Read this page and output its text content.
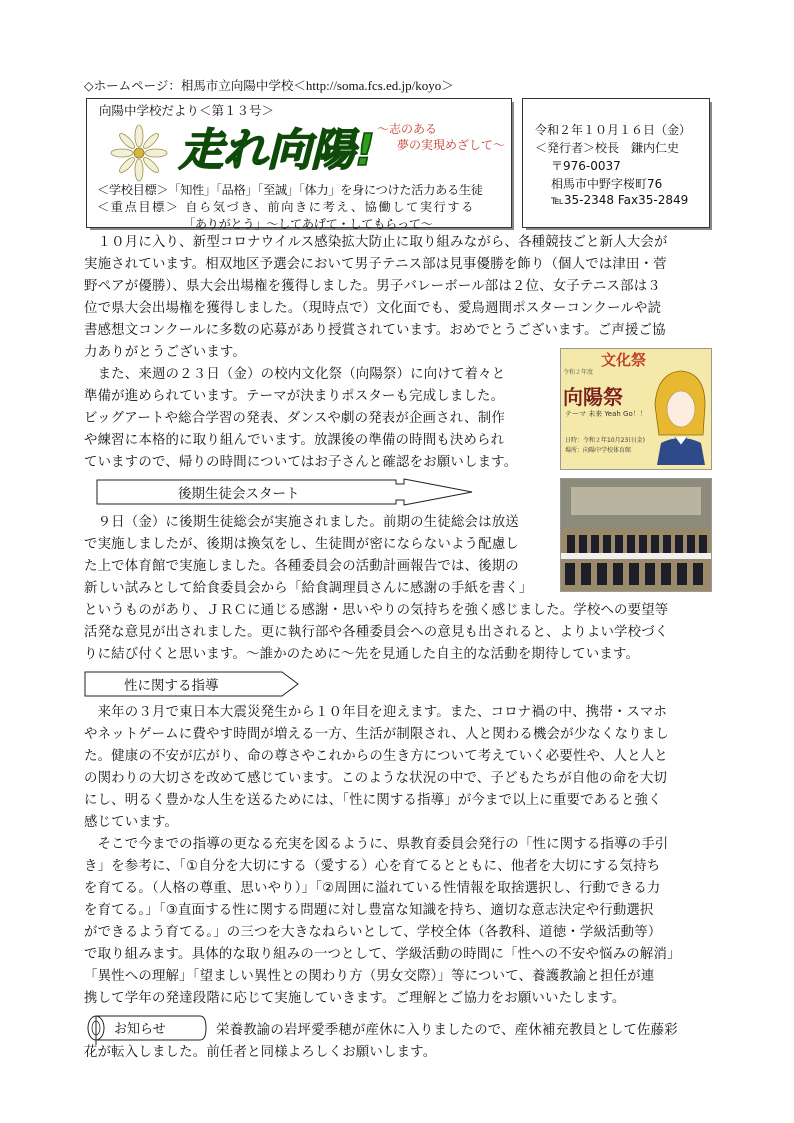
◇ホームページ：相馬市立向陽中学校＜http://soma.fcs.ed.jp/koyo＞
向陽中学校だより＜第１３号＞
走れ向陽! ～志のある
夢の実現めざして～
＜学校目標＞「知性」「品格」「至誠」「体力」を身につけた活力ある生徒
＜重点目標＞ 自ら気づき、前向きに考え、協働して実行する
「ありがとう」～してあげて・してもらって～
令和２年１０月１６日（金）
＜発行者＞校長　鎌内仁史
〒976-0037
相馬市中野字桜町76
℡35-2348 Fax35-2849
　１０月に入り、新型コロナウイルス感染拡大防止に取り組みながら、各種競技ごと新人大会が
実施されています。相双地区予選会において男子テニス部は見事優勝を飾り（個人では津田・菅
野ペアが優勝）、県大会出場権を獲得しました。男子バレーボール部は２位、女子テニス部は３
位で県大会出場権を獲得しました。（現時点で）文化面でも、愛鳥週間ポスターコンクールや読
書感想文コンクールに多数の応募があり授賞されています。おめでとうございます。ご声援ご協
力ありがとうございます。
　また、来週の２３日（金）の校内文化祭（向陽祭）に向けて着々と
準備が進められています。テーマが決まりポスターも完成しました。
ビッグアートや総合学習の発表、ダンスや劇の発表が企画され、制作
や練習に本格的に取り組んでいます。放課後の準備の時間も決められ
ていますので、帰りの時間についてはお子さんと確認をお願いします。
文化祭
令和２年度
向陽祭
テーマ 未来 Yeah Go！！
日時：令和２年10月23日(金)
場所：向陽中学校体育館
後期生徒会スタート
　９日（金）に後期生徒総会が実施されました。前期の生徒総会は放送
で実施しましたが、後期は換気をし、生徒間が密にならないよう配慮し
た上で体育館で実施しました。各種委員会の活動計画報告では、後期の
新しい試みとして給食委員会から「給食調理員さんに感謝の手紙を書く」
というものがあり、ＪＲＣに通じる感謝・思いやりの気持ちを強く感じました。学校への要望等
活発な意見が出されました。更に執行部や各種委員会への意見も出されると、よりよい学校づく
りに結び付くと思います。～誰かのために～先を見通した自主的な活動を期待しています。
性に関する指導
　来年の３月で東日本大震災発生から１０年目を迎えます。また、コロナ禍の中、携帯・スマホ
やネットゲームに費やす時間が増える一方、生活が制限され、人と関わる機会が少なくなりまし
た。健康の不安が広がり、命の尊さやこれからの生き方について考えていく必要性や、人と人と
の関わりの大切さを改めて感じています。このような状況の中で、子どもたちが自他の命を大切
にし、明るく豊かな人生を送るためには、「性に関する指導」が今まで以上に重要であると強く
感じています。
　そこで今までの指導の更なる充実を図るように、県教育委員会発行の「性に関する指導の手引
き」を参考に、「①自分を大切にする（愛する）心を育てるとともに、他者を大切にする気持ち
を育てる。（人格の尊重、思いやり）」「②周囲に溢れている性情報を取捨選択し、行動できる力
を育てる。」「③直面する性に関する問題に対し豊富な知識を持ち、適切な意志決定や行動選択
ができるよう育てる。」の三つを大きなねらいとして、学校全体（各教科、道徳・学級活動等）
で取り組みます。具体的な取り組みの一つとして、学級活動の時間に「性への不安や悩みの解消」
「異性への理解」「望ましい異性との関わり方（男女交際）」等について、養護教諭と担任が連
携して学年の発達段階に応じて実施していきます。ご理解とご協力をお願いいたします。
お知らせ	栄養教諭の岩坪愛季穂が産休に入りましたので、産休補充教員として佐藤彩
花が転入しました。前任者と同様よろしくお願いします。
